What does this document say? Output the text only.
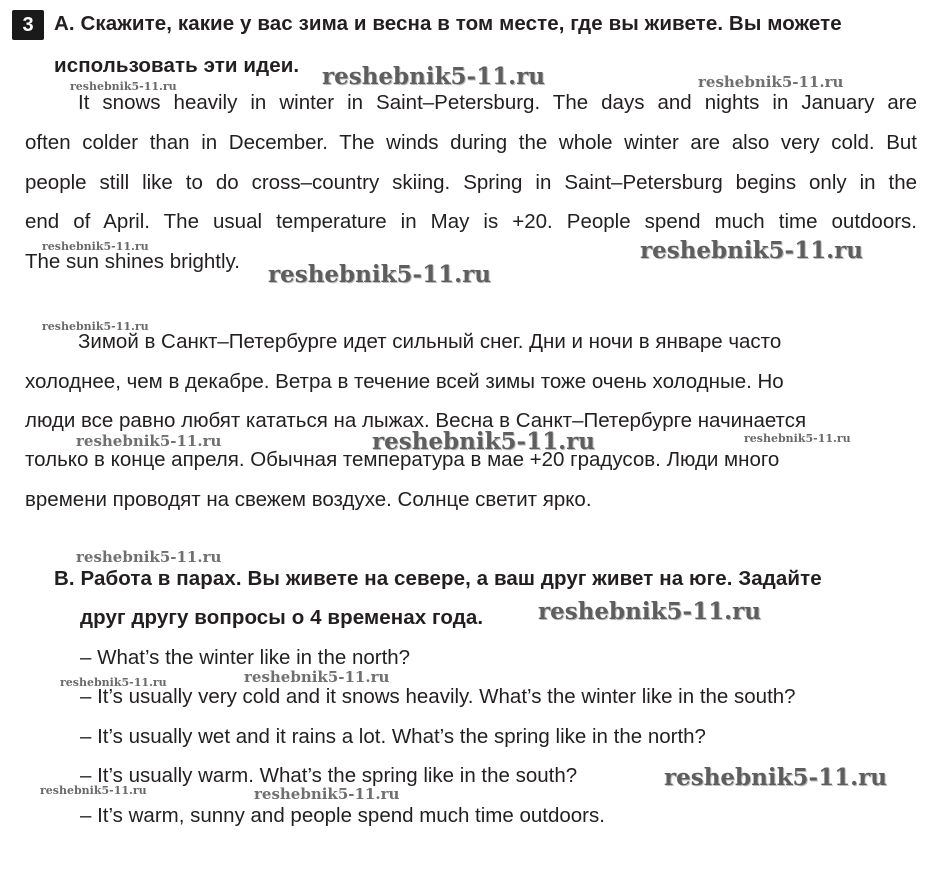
3 А. Скажите, какие у вас зима и весна в том месте, где вы живете. Вы можете
использовать эти идеи.
It snows heavily in winter in Saint–Petersburg. The days and nights in January are
often colder than in December. The winds during the whole winter are also very cold. But
people still like to do cross–country skiing. Spring in Saint–Petersburg begins only in the
end of April. The usual temperature in May is +20. People spend much time outdoors.
The sun shines brightly.
Зимой в Санкт–Петербурге идет сильный снег. Дни и ночи в январе часто
холоднее, чем в декабре. Ветра в течение всей зимы тоже очень холодные. Но
люди все равно любят кататься на лыжах. Весна в Санкт–Петербурге начинается
только в конце апреля. Обычная температура в мае +20 градусов. Люди много
времени проводят на свежем воздухе. Солнце светит ярко.
B. Работа в парах. Вы живете на севере, а ваш друг живет на юге. Задайте
друг другу вопросы о 4 временах года.
– What’s the winter like in the north?
– It’s usually very cold and it snows heavily. What’s the winter like in the south?
– It’s usually wet and it rains a lot. What’s the spring like in the north?
– It’s usually warm. What’s the spring like in the south?
– It’s warm, sunny and people spend much time outdoors.
reshebnik5-11.ru
reshebnik5-11.ru	reshebnik5-11.ru
reshebnik5-11.ru	reshebnik5-11.ru
reshebnik5-11.ru
reshebnik5-11.ru
reshebnik5-11.ru	reshebnik5-11.ru	reshebnik5-11.ru
reshebnik5-11.ru
reshebnik5-11.ru
reshebnik5-11.ru	reshebnik5-11.ru
reshebnik5-11.ru
reshebnik5-11.ru	reshebnik5-11.ru
